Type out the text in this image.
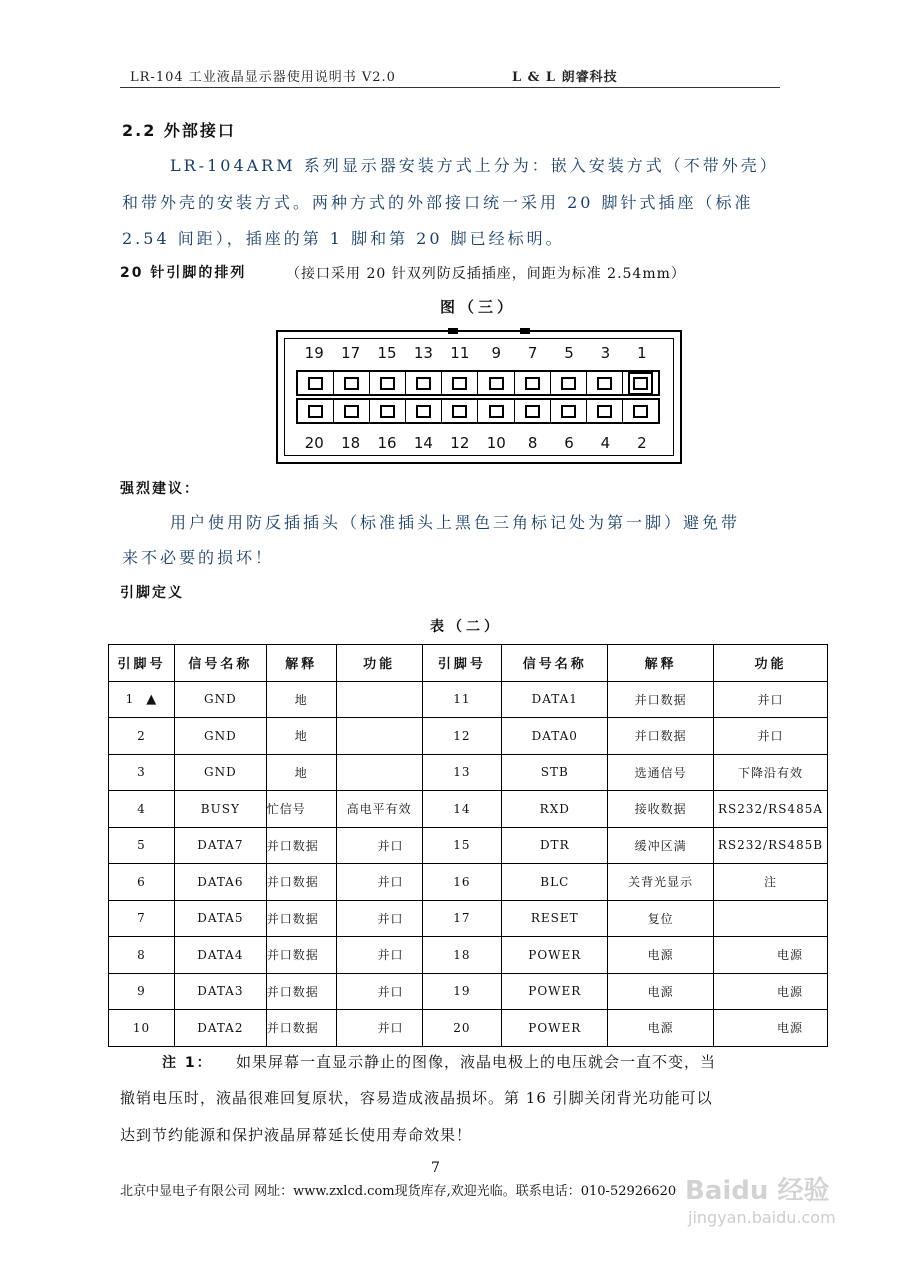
LR-104 工业液晶显示器使用说明书 V2.0	L & L 朗睿科技
2.2 外部接口
LR-104ARM 系列显示器安装方式上分为：嵌入安装方式（不带外壳）
和带外壳的安装方式。两种方式的外部接口统一采用 20 脚针式插座（标准
2.54 间距），插座的第 1 脚和第 20 脚已经标明。
20 针引脚的排列	（接口采用 20 针双列防反插插座，间距为标准 2.54mm）
图（三）
19	17	15	13	11	9	7	5	3	1
20	18	16	14	12	10	8	6	4	2
强烈建议：
用户使用防反插插头（标准插头上黑色三角标记处为第一脚）避免带
来不必要的损坏！
引脚定义
表（二）
引脚号	信号名称	解释	功能	引脚号	信号名称	解释	功能
1 ▲	GND	地		11	DATA1	并口数据	并口
2	GND	地		12	DATA0	并口数据	并口
3	GND	地		13	STB	选通信号	下降沿有效
4	BUSY	忙信号	高电平有效	14	RXD	接收数据	RS232/RS485A
5	DATA7	并口数据	并口	15	DTR	缓冲区满	RS232/RS485B
6	DATA6	并口数据	并口	16	BLC	关背光显示	注
7	DATA5	并口数据	并口	17	RESET	复位	
8	DATA4	并口数据	并口	18	POWER	电源	电源
9	DATA3	并口数据	并口	19	POWER	电源	电源
10	DATA2	并口数据	并口	20	POWER	电源	电源
注 1： 如果屏幕一直显示静止的图像，液晶电极上的电压就会一直不变，当
撤销电压时，液晶很难回复原状，容易造成液晶损坏。第 16 引脚关闭背光功能可以
达到节约能源和保护液晶屏幕延长使用寿命效果！
7
北京中显电子有限公司 网址：www.zxlcd.com现货库存,欢迎光临。联系电话：010-52926620 Baidu 经验
jingyan.baidu.com
